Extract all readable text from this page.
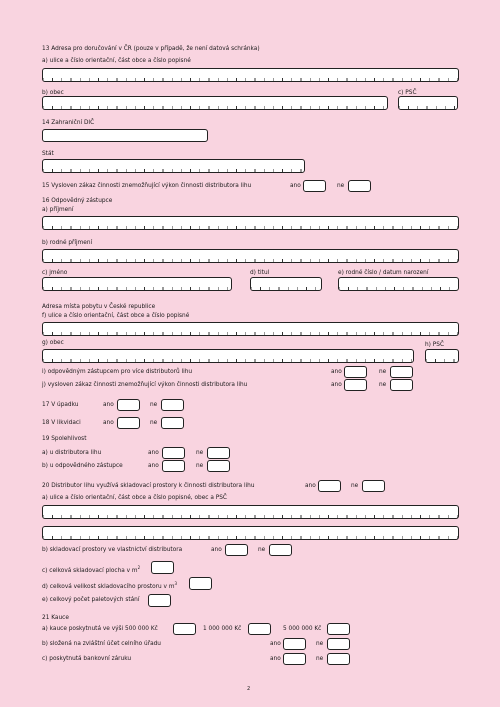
13 Adresa pro doručování v ČR (pouze v případě, že není datová schránka)
a) ulice a číslo orientační, část obce a číslo popisné
b) obec	c) PSČ
14 Zahraniční DIČ
Stát
15 Vysloven zákaz činnosti znemožňující výkon činnosti distributora lihu	ano	ne
16 Odpovědný zástupce
a) příjmení
b) rodné příjmení
c) jméno	d) titul	e) rodné číslo / datum narození
Adresa místa pobytu v České republice
f) ulice a číslo orientační, část obce a číslo popisné
g) obec	h) PSČ
i) odpovědným zástupcem pro více distributorů lihu	ano	ne
j) vysloven zákaz činnosti znemožňující výkon činnosti distributora lihu	ano	ne
17 V úpadku	ano	ne
18 V likvidaci	ano	ne
19 Spolehlivost
a) u distributora lihu	ano	ne
b) u odpovědného zástupce	ano	ne
20 Distributor lihu využívá skladovací prostory k činnosti distributora lihu	ano	ne
a) ulice a číslo orientační, část obce a číslo popisné, obec a PSČ
b) skladovací prostory ve vlastnictví distributora	ano	ne
c) celková skladovací plocha v $m^2$
d) celková velikost skladovacího prostoru v $m^3$
e) celkový počet paletových stání
21 Kauce
a) kauce poskytnutá ve výši 500 000 Kč	1 000 000 Kč	5 000 000 Kč
b) složená na zvláštní účet celního úřadu	ano	ne
c) poskytnutá bankovní záruku	ano	ne
2
